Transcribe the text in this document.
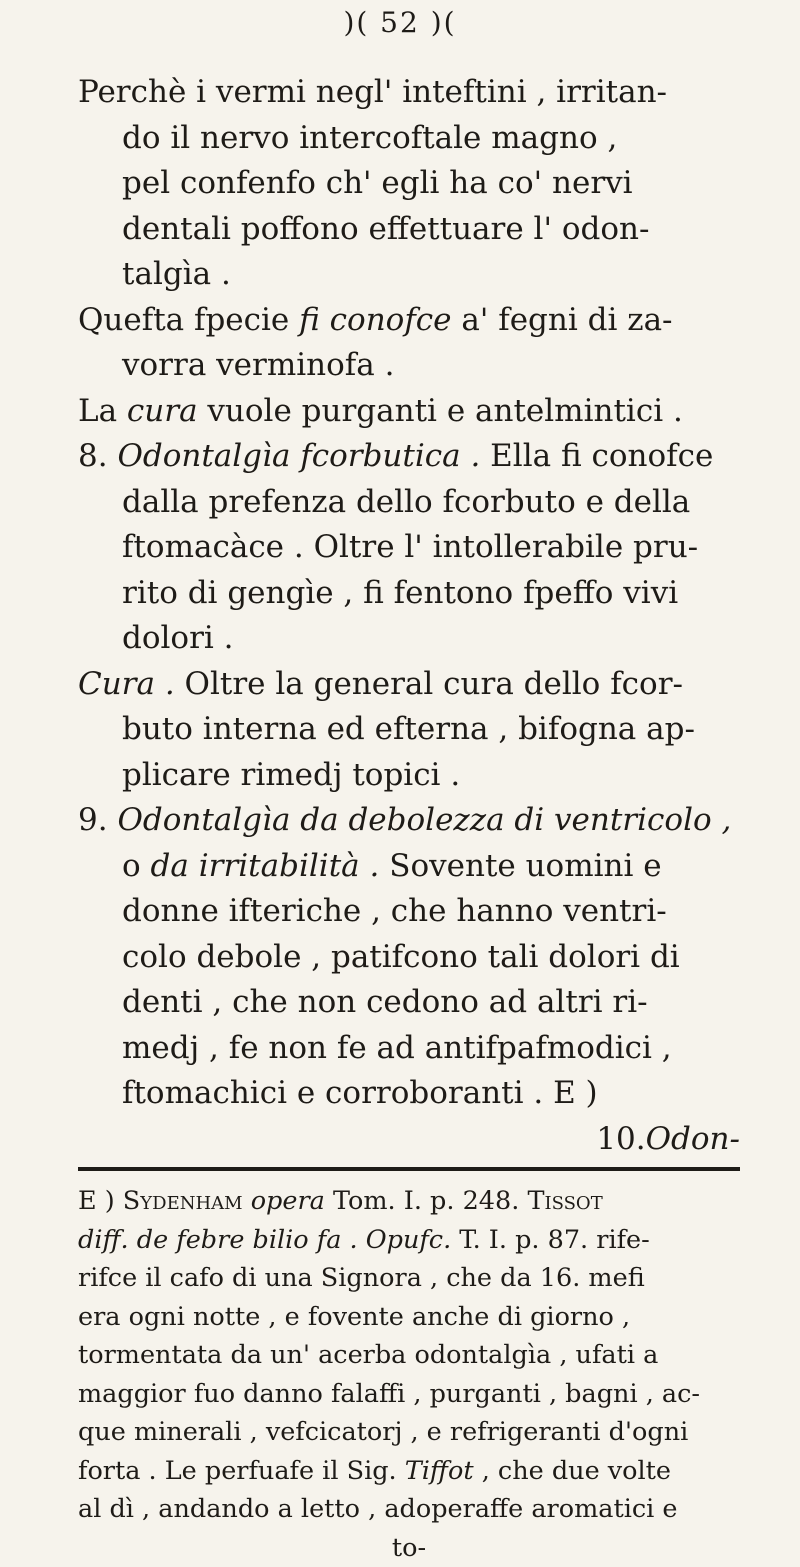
)( 52 )(

Perchè i vermi negl' inteftini , irritan-
do il nervo intercoftale magno ,
pel confenfo ch' egli ha co' nervi
dentali poffono effettuare l' odon-
talgìa .

Quefta fpecie fi conofce a' fegni di za-
vorra verminofa .

La cura vuole purganti e antelmintici .

8. Odontalgìa fcorbutica . Ella fi conofce
dalla prefenza dello fcorbuto e della
ftomacàce . Oltre l' intollerabile pru-
rito di gengìe , fi fentono fpeffo vivi
dolori .

Cura . Oltre la general cura dello fcor-
buto interna ed efterna , bifogna ap-
plicare rimedj topici .

9. Odontalgìa da debolezza di ventricolo ,
o da irritabilità . Sovente uomini e
donne ifteriche , che hanno ventri-
colo debole , patifcono tali dolori di
denti , che non cedono ad altri ri-
medj , fe non fe ad antifpafmodici ,
ftomachici e corroboranti . E )

10.Odon-

E ) Sydenham opera Tom. I. p. 248. Tissot

diff. de febre bilio fa . Opufc. T. I. p. 87. rife-

rifce il cafo di una Signora , che da 16. mefi

era ogni notte , e fovente anche di giorno ,

tormentata da un' acerba odontalgìa , ufati a

maggior fuo danno falaffi , purganti , bagni , ac-

que minerali , vefcicatorj , e refrigeranti d'ogni

forta . Le perfuafe il Sig. Tiffot , che due volte

al dì , andando a letto , adoperaffe aromatici e

to-
